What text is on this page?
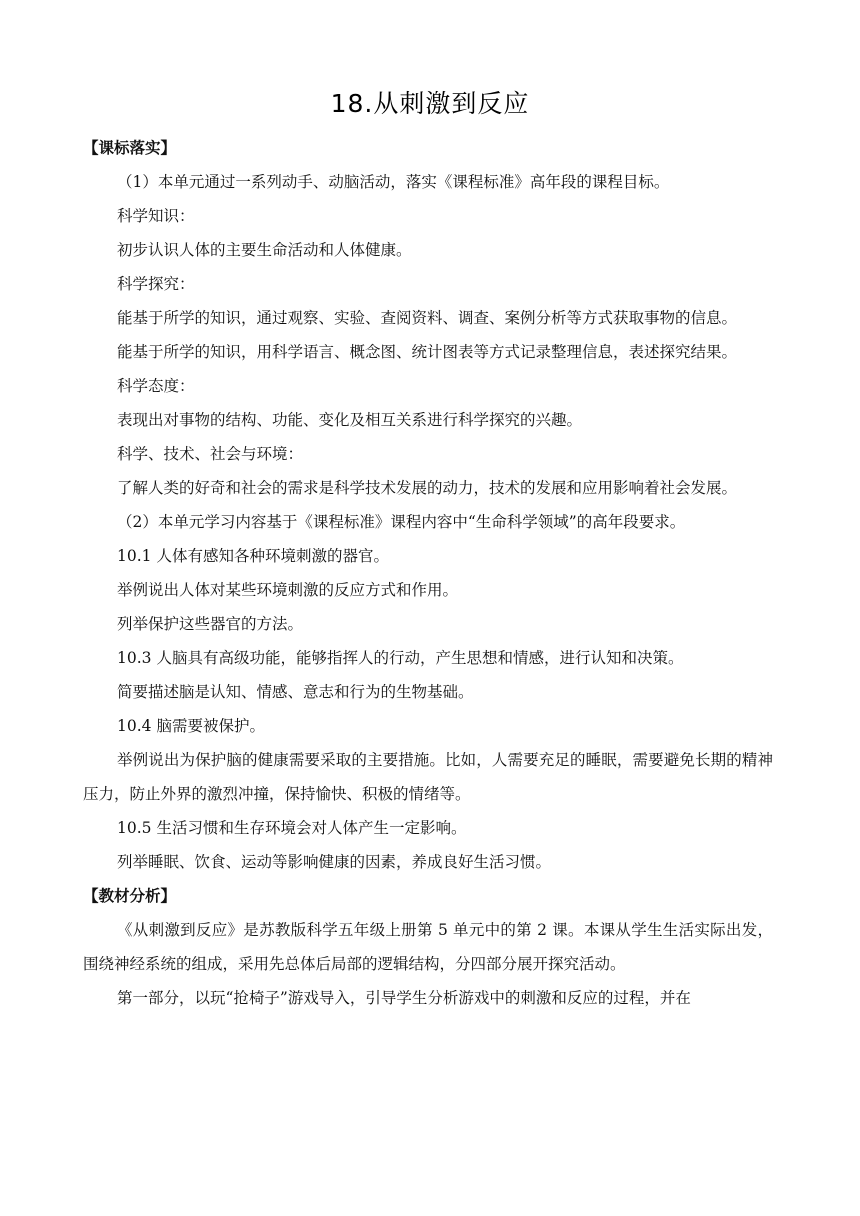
18.从刺激到反应
【课标落实】

（1）本单元通过一系列动手、动脑活动，落实《课程标准》高年段的课程目标。

科学知识：

初步认识人体的主要生命活动和人体健康。

科学探究：

能基于所学的知识，通过观察、实验、查阅资料、调查、案例分析等方式获取事物的信息。

能基于所学的知识，用科学语言、概念图、统计图表等方式记录整理信息，表述探究结果。

科学态度：

表现出对事物的结构、功能、变化及相互关系进行科学探究的兴趣。

科学、技术、社会与环境：

了解人类的好奇和社会的需求是科学技术发展的动力，技术的发展和应用影响着社会发展。

（2）本单元学习内容基于《课程标准》课程内容中“生命科学领域”的高年段要求。

10.1 人体有感知各种环境刺激的器官。

举例说出人体对某些环境刺激的反应方式和作用。

列举保护这些器官的方法。

10.3 人脑具有高级功能，能够指挥人的行动，产生思想和情感，进行认知和决策。

简要描述脑是认知、情感、意志和行为的生物基础。

10.4 脑需要被保护。

举例说出为保护脑的健康需要采取的主要措施。比如，人需要充足的睡眠，需要避免长期的精神压力，防止外界的激烈冲撞，保持愉快、积极的情绪等。

10.5 生活习惯和生存环境会对人体产生一定影响。

列举睡眠、饮食、运动等影响健康的因素，养成良好生活习惯。

【教材分析】

《从刺激到反应》是苏教版科学五年级上册第 5 单元中的第 2 课。本课从学生生活实际出发，围绕神经系统的组成，采用先总体后局部的逻辑结构，分四部分展开探究活动。

第一部分，以玩“抢椅子”游戏导入，引导学生分析游戏中的刺激和反应的过程，并在
